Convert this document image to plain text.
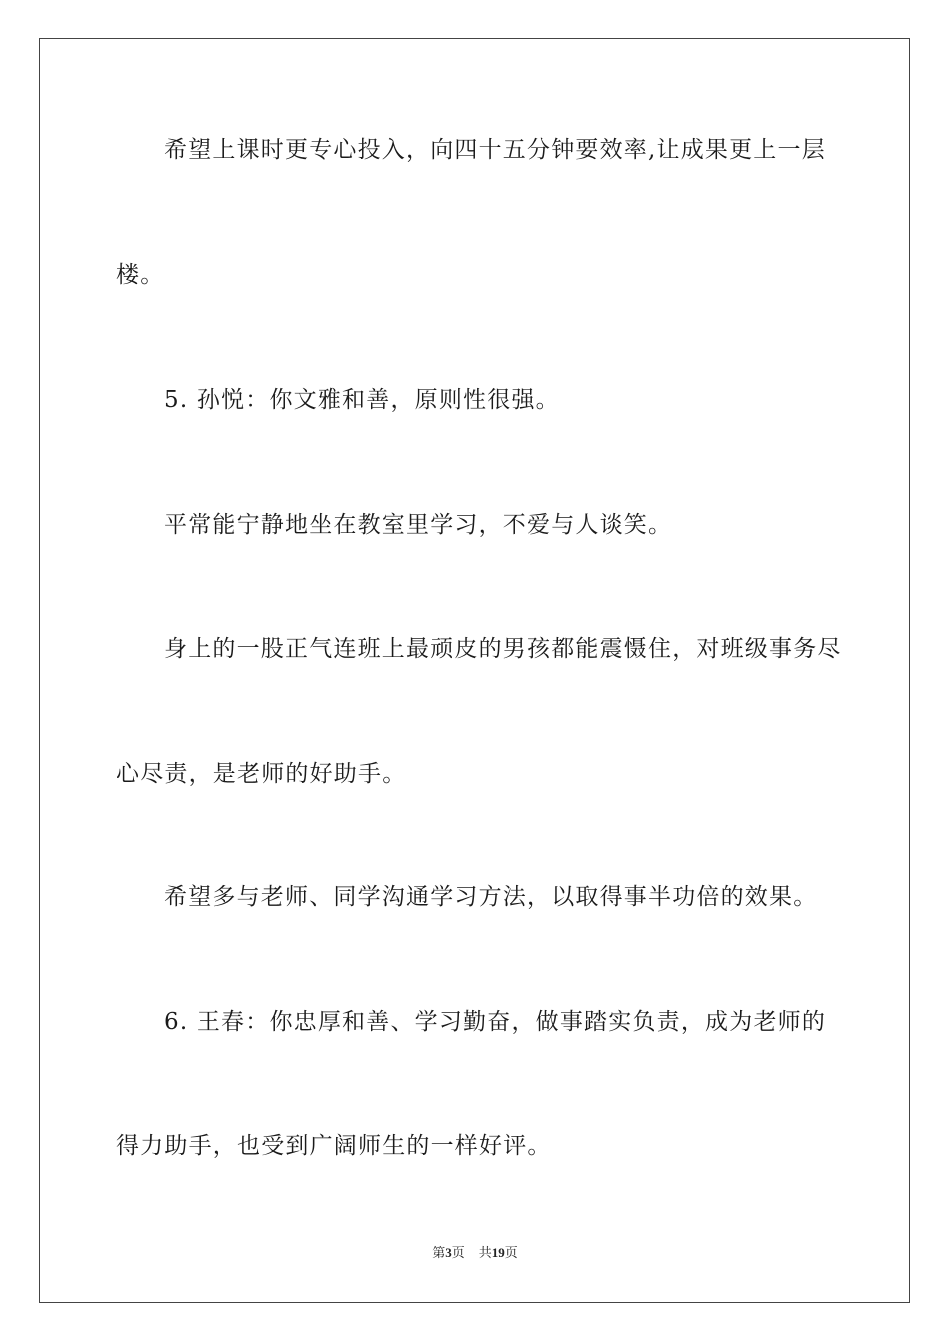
希望上课时更专心投入，向四十五分钟要效率,让成果更上一层
楼。
5. 孙悦：你文雅和善，原则性很强。
平常能宁静地坐在教室里学习，不爱与人谈笑。
身上的一股正气连班上最顽皮的男孩都能震慑住，对班级事务尽
心尽责，是老师的好助手。
希望多与老师、同学沟通学习方法，以取得事半功倍的效果。
6. 王春：你忠厚和善、学习勤奋，做事踏实负责，成为老师的
得力助手，也受到广阔师生的一样好评。
第3页 共19页
